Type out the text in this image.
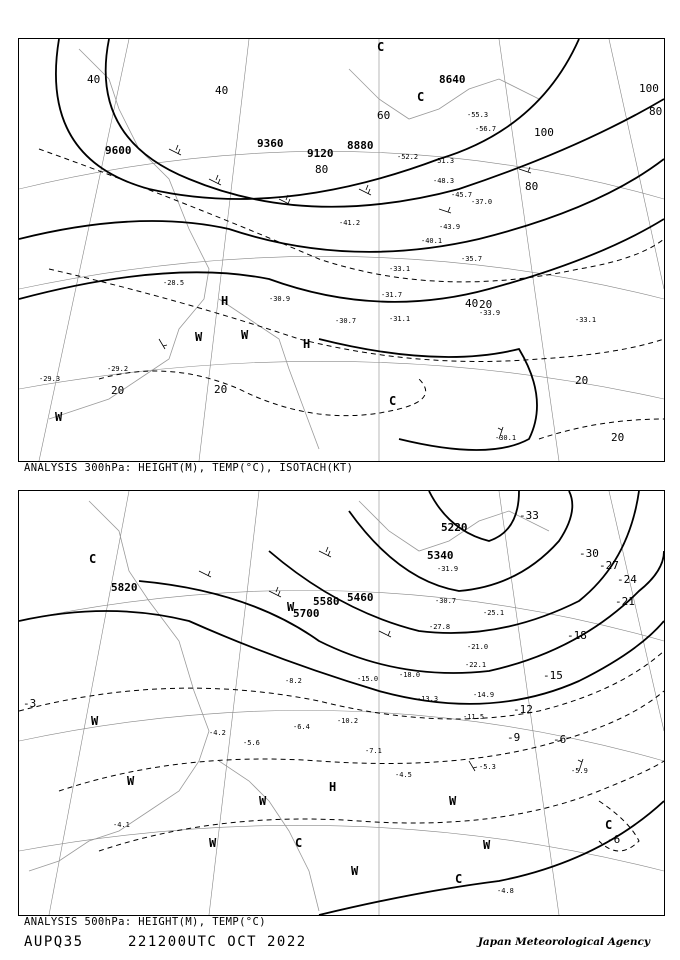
9600
9360
9120
8880
8640
40
40
60
80
80
80
100
100
20
20	20
20
20
40
-41.2	-43.9
-35.7
-33.1
-31.7
-31.1
-33.9
-33.1
-30.1
-30.9
-30.7
-28.5
-55.3
-56.7
-52.2 -51.3
-48.3
-45.7
-40.1
-37.0
-29.2
-29.3
H
H
W	W
W
C
C
C
ANALYSIS 300hPa: HEIGHT(M), TEMP(°C), ISOTACH(KT)
5820
5700
5580 5460
5340
5220
-33
-30
-27
-24
-21
-18
-15
-12
-9	-6
-6
-3
-31.9
-30.7
-25.1
-21.0
-18.0
-15.0
-11.5
-10.2
-7.1
-5.3	-5.9
-4.5
-4.8
-27.8
-22.1
-14.9
-13.3
-8.2
-6.4
-5.6
-4.2
-4.1
C
W
W
W
W
H
W
W
W
W
C
C
C
ANALYSIS 500hPa: HEIGHT(M), TEMP(°C)
AUPQ35	221200UTC OCT 2022	Japan Meteorological Agency
